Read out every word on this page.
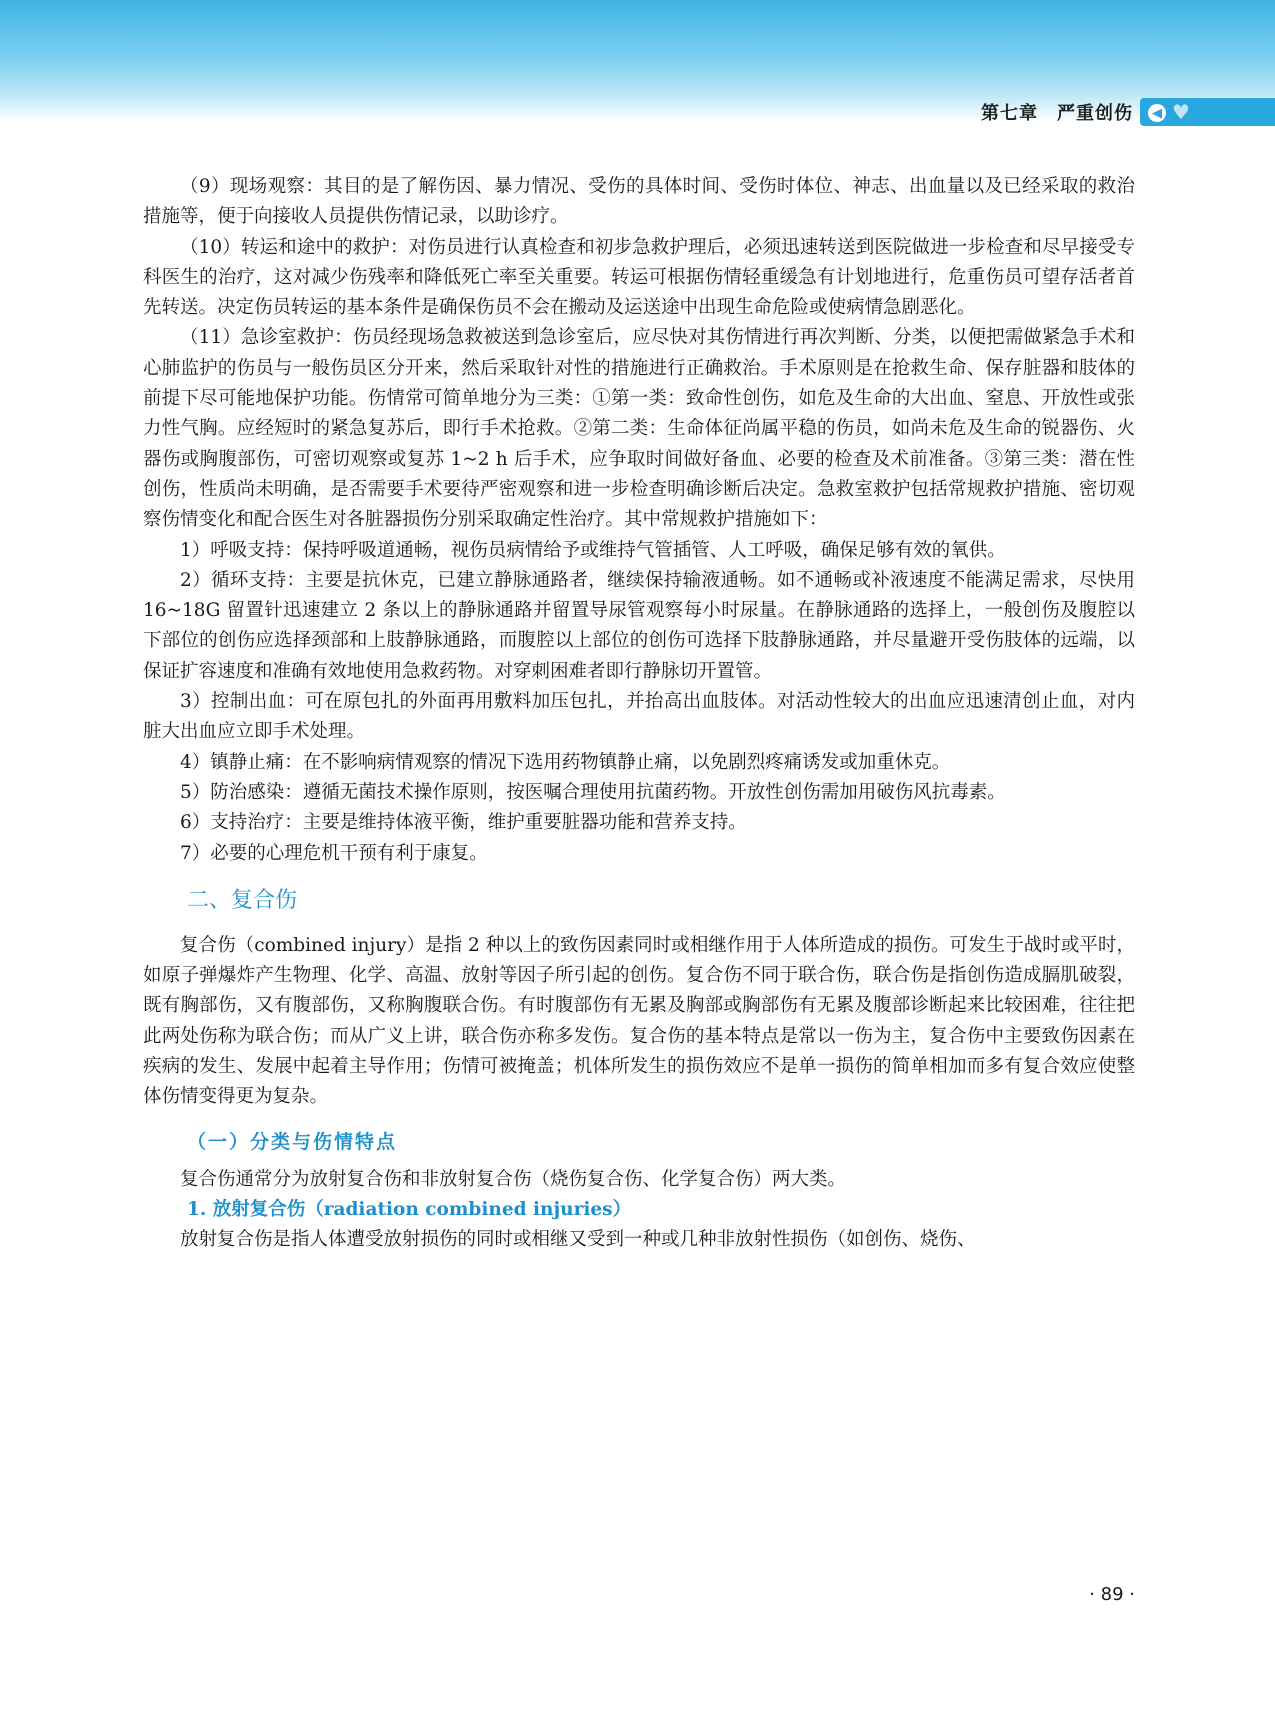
第七章　严重创伤	◀ ♥

（9）现场观察：其目的是了解伤因、暴力情况、受伤的具体时间、受伤时体位、神志、出血量以及已经采取的救治措施等，便于向接收人员提供伤情记录，以助诊疗。

（10）转运和途中的救护：对伤员进行认真检查和初步急救护理后，必须迅速转送到医院做进一步检查和尽早接受专科医生的治疗，这对减少伤残率和降低死亡率至关重要。转运可根据伤情轻重缓急有计划地进行，危重伤员可望存活者首先转送。决定伤员转运的基本条件是确保伤员不会在搬动及运送途中出现生命危险或使病情急剧恶化。

（11）急诊室救护：伤员经现场急救被送到急诊室后，应尽快对其伤情进行再次判断、分类，以便把需做紧急手术和心肺监护的伤员与一般伤员区分开来，然后采取针对性的措施进行正确救治。手术原则是在抢救生命、保存脏器和肢体的前提下尽可能地保护功能。伤情常可简单地分为三类：①第一类：致命性创伤，如危及生命的大出血、窒息、开放性或张力性气胸。应经短时的紧急复苏后，即行手术抢救。②第二类：生命体征尚属平稳的伤员，如尚未危及生命的锐器伤、火器伤或胸腹部伤，可密切观察或复苏 1~2 h 后手术，应争取时间做好备血、必要的检查及术前准备。③第三类：潜在性创伤，性质尚未明确，是否需要手术要待严密观察和进一步检查明确诊断后决定。急救室救护包括常规救护措施、密切观察伤情变化和配合医生对各脏器损伤分别采取确定性治疗。其中常规救护措施如下：

1）呼吸支持：保持呼吸道通畅，视伤员病情给予或维持气管插管、人工呼吸，确保足够有效的氧供。

2）循环支持：主要是抗休克，已建立静脉通路者，继续保持输液通畅。如不通畅或补液速度不能满足需求，尽快用 16~18G 留置针迅速建立 2 条以上的静脉通路并留置导尿管观察每小时尿量。在静脉通路的选择上，一般创伤及腹腔以下部位的创伤应选择颈部和上肢静脉通路，而腹腔以上部位的创伤可选择下肢静脉通路，并尽量避开受伤肢体的远端，以保证扩容速度和准确有效地使用急救药物。对穿刺困难者即行静脉切开置管。

3）控制出血：可在原包扎的外面再用敷料加压包扎，并抬高出血肢体。对活动性较大的出血应迅速清创止血，对内脏大出血应立即手术处理。

4）镇静止痛：在不影响病情观察的情况下选用药物镇静止痛，以免剧烈疼痛诱发或加重休克。

5）防治感染：遵循无菌技术操作原则，按医嘱合理使用抗菌药物。开放性创伤需加用破伤风抗毒素。

6）支持治疗：主要是维持体液平衡，维护重要脏器功能和营养支持。

7）必要的心理危机干预有利于康复。

二、复合伤

复合伤（combined injury）是指 2 种以上的致伤因素同时或相继作用于人体所造成的损伤。可发生于战时或平时，如原子弹爆炸产生物理、化学、高温、放射等因子所引起的创伤。复合伤不同于联合伤，联合伤是指创伤造成膈肌破裂，既有胸部伤，又有腹部伤，又称胸腹联合伤。有时腹部伤有无累及胸部或胸部伤有无累及腹部诊断起来比较困难，往往把此两处伤称为联合伤；而从广义上讲，联合伤亦称多发伤。复合伤的基本特点是常以一伤为主，复合伤中主要致伤因素在疾病的发生、发展中起着主导作用；伤情可被掩盖；机体所发生的损伤效应不是单一损伤的简单相加而多有复合效应使整体伤情变得更为复杂。

（一）分类与伤情特点

复合伤通常分为放射复合伤和非放射复合伤（烧伤复合伤、化学复合伤）两大类。

1. 放射复合伤（radiation combined injuries）

放射复合伤是指人体遭受放射损伤的同时或相继又受到一种或几种非放射性损伤（如创伤、烧伤、

· 89 ·
